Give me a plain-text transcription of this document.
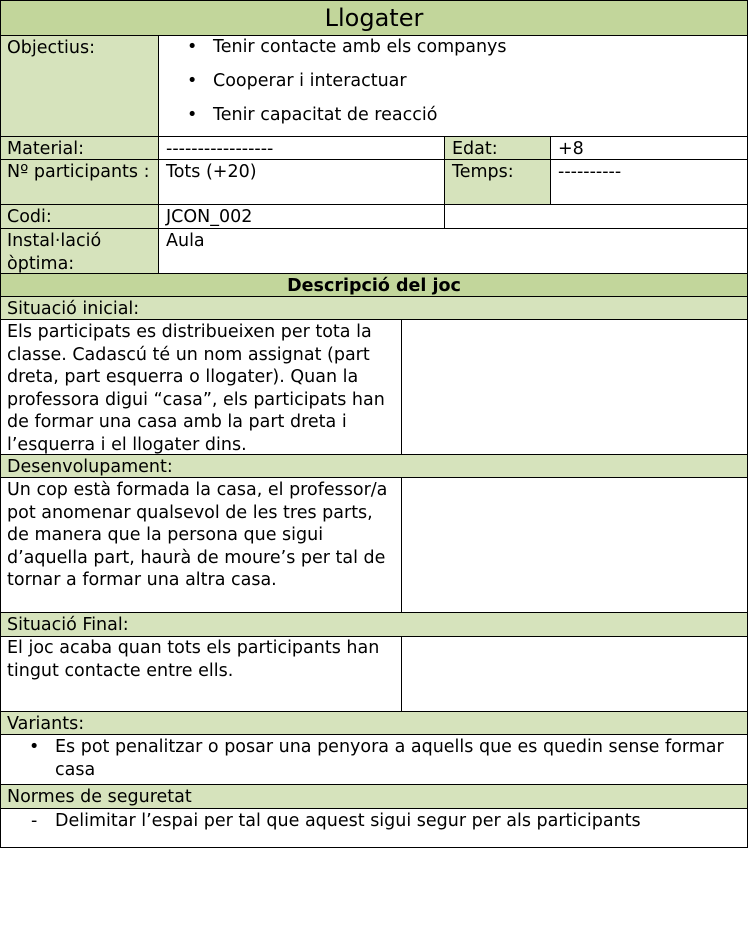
Llogater
Objectius:
•	Tenir contacte amb els companys
• Cooperar i interactuar
• Tenir capacitat de reacció
Material:	-----------------	Edat:	+8
Nº participants : Tots (+20)	Temps:	----------
Codi:	JCON_002
Instal·lació òptima:
Aula
Descripció del joc
Situació inicial:
Els participats es distribueixen per tota la classe. Cadascú té un nom assignat (part dreta, part esquerra o llogater). Quan la professora digui “casa”, els participats han de formar una casa amb la part dreta i l’esquerra i el llogater dins.
Desenvolupament:
Un cop està formada la casa, el professor/a pot anomenar qualsevol de les tres parts, de manera que la persona que sigui d’aquella part, haurà de moure’s per tal de tornar a formar una altra casa.
Situació Final:
El joc acaba quan tots els participants han tingut contacte entre ells.
Variants:
• Es pot penalitzar o posar una penyora a aquells que es quedin sense formar casa
Normes de seguretat
- Delimitar l’espai per tal que aquest sigui segur per als participants
